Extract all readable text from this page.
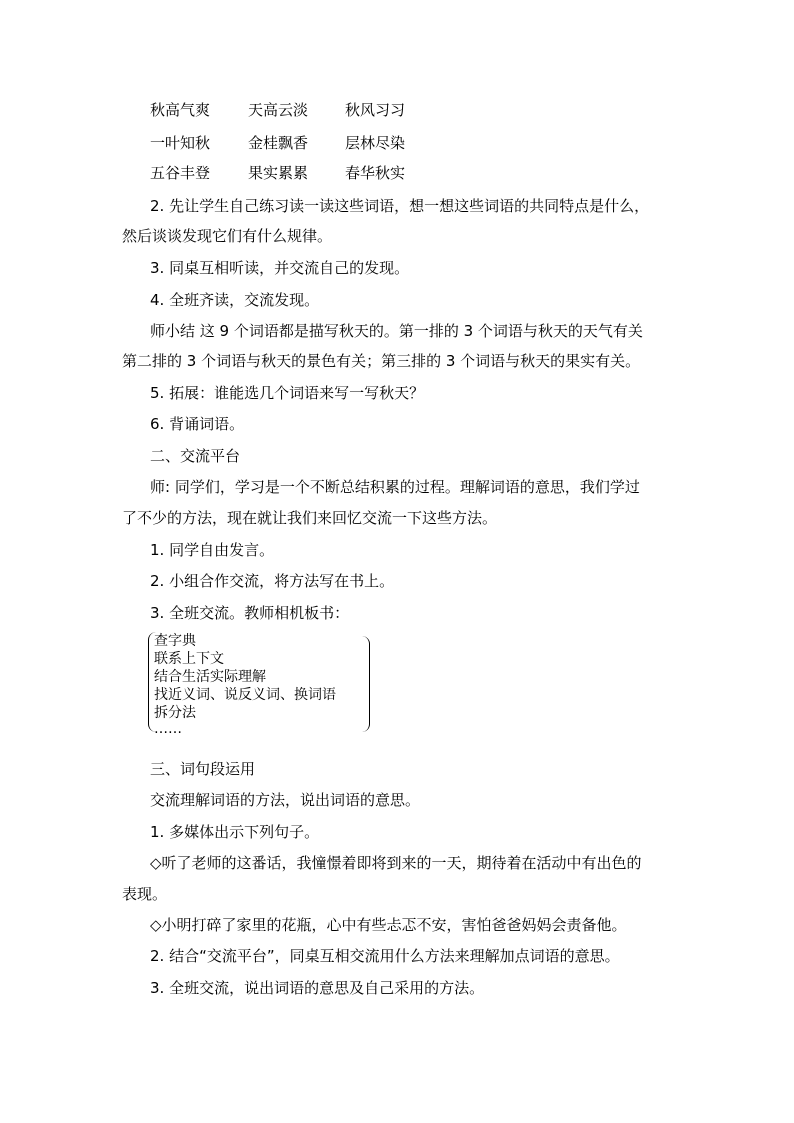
秋高气爽	天高云淡 秋风习习
一叶知秋	金桂飘香 层林尽染
五谷丰登	果实累累 春华秋实
2. 先让学生自己练习读一读这些词语，想一想这些词语的共同特点是什么，
然后谈谈发现它们有什么规律。
3. 同桌互相听读，并交流自己的发现。
4. 全班齐读，交流发现。
师小结 这 9 个词语都是描写秋天的。第一排的 3 个词语与秋天的天气有关
第二排的 3 个词语与秋天的景色有关；第三排的 3 个词语与秋天的果实有关。
5. 拓展：谁能选几个词语来写一写秋天？
6. 背诵词语。
二、交流平台
师: 同学们，学习是一个不断总结积累的过程。理解词语的意思，我们学过
了不少的方法，现在就让我们来回忆交流一下这些方法。
1. 同学自由发言。
2. 小组合作交流，将方法写在书上。
3. 全班交流。教师相机板书：
查字典
联系上下文
结合生活实际理解
找近义词、说反义词、换词语
拆分法
……
三、词句段运用
交流理解词语的方法，说出词语的意思。
1. 多媒体出示下列句子。
◇听了老师的这番话，我憧憬着即将到来的一天，期待着在活动中有出色的
表现。
◇小明打碎了家里的花瓶，心中有些忐忑不安，害怕爸爸妈妈会责备他。
2. 结合“交流平台”，同桌互相交流用什么方法来理解加点词语的意思。
3. 全班交流，说出词语的意思及自己采用的方法。
